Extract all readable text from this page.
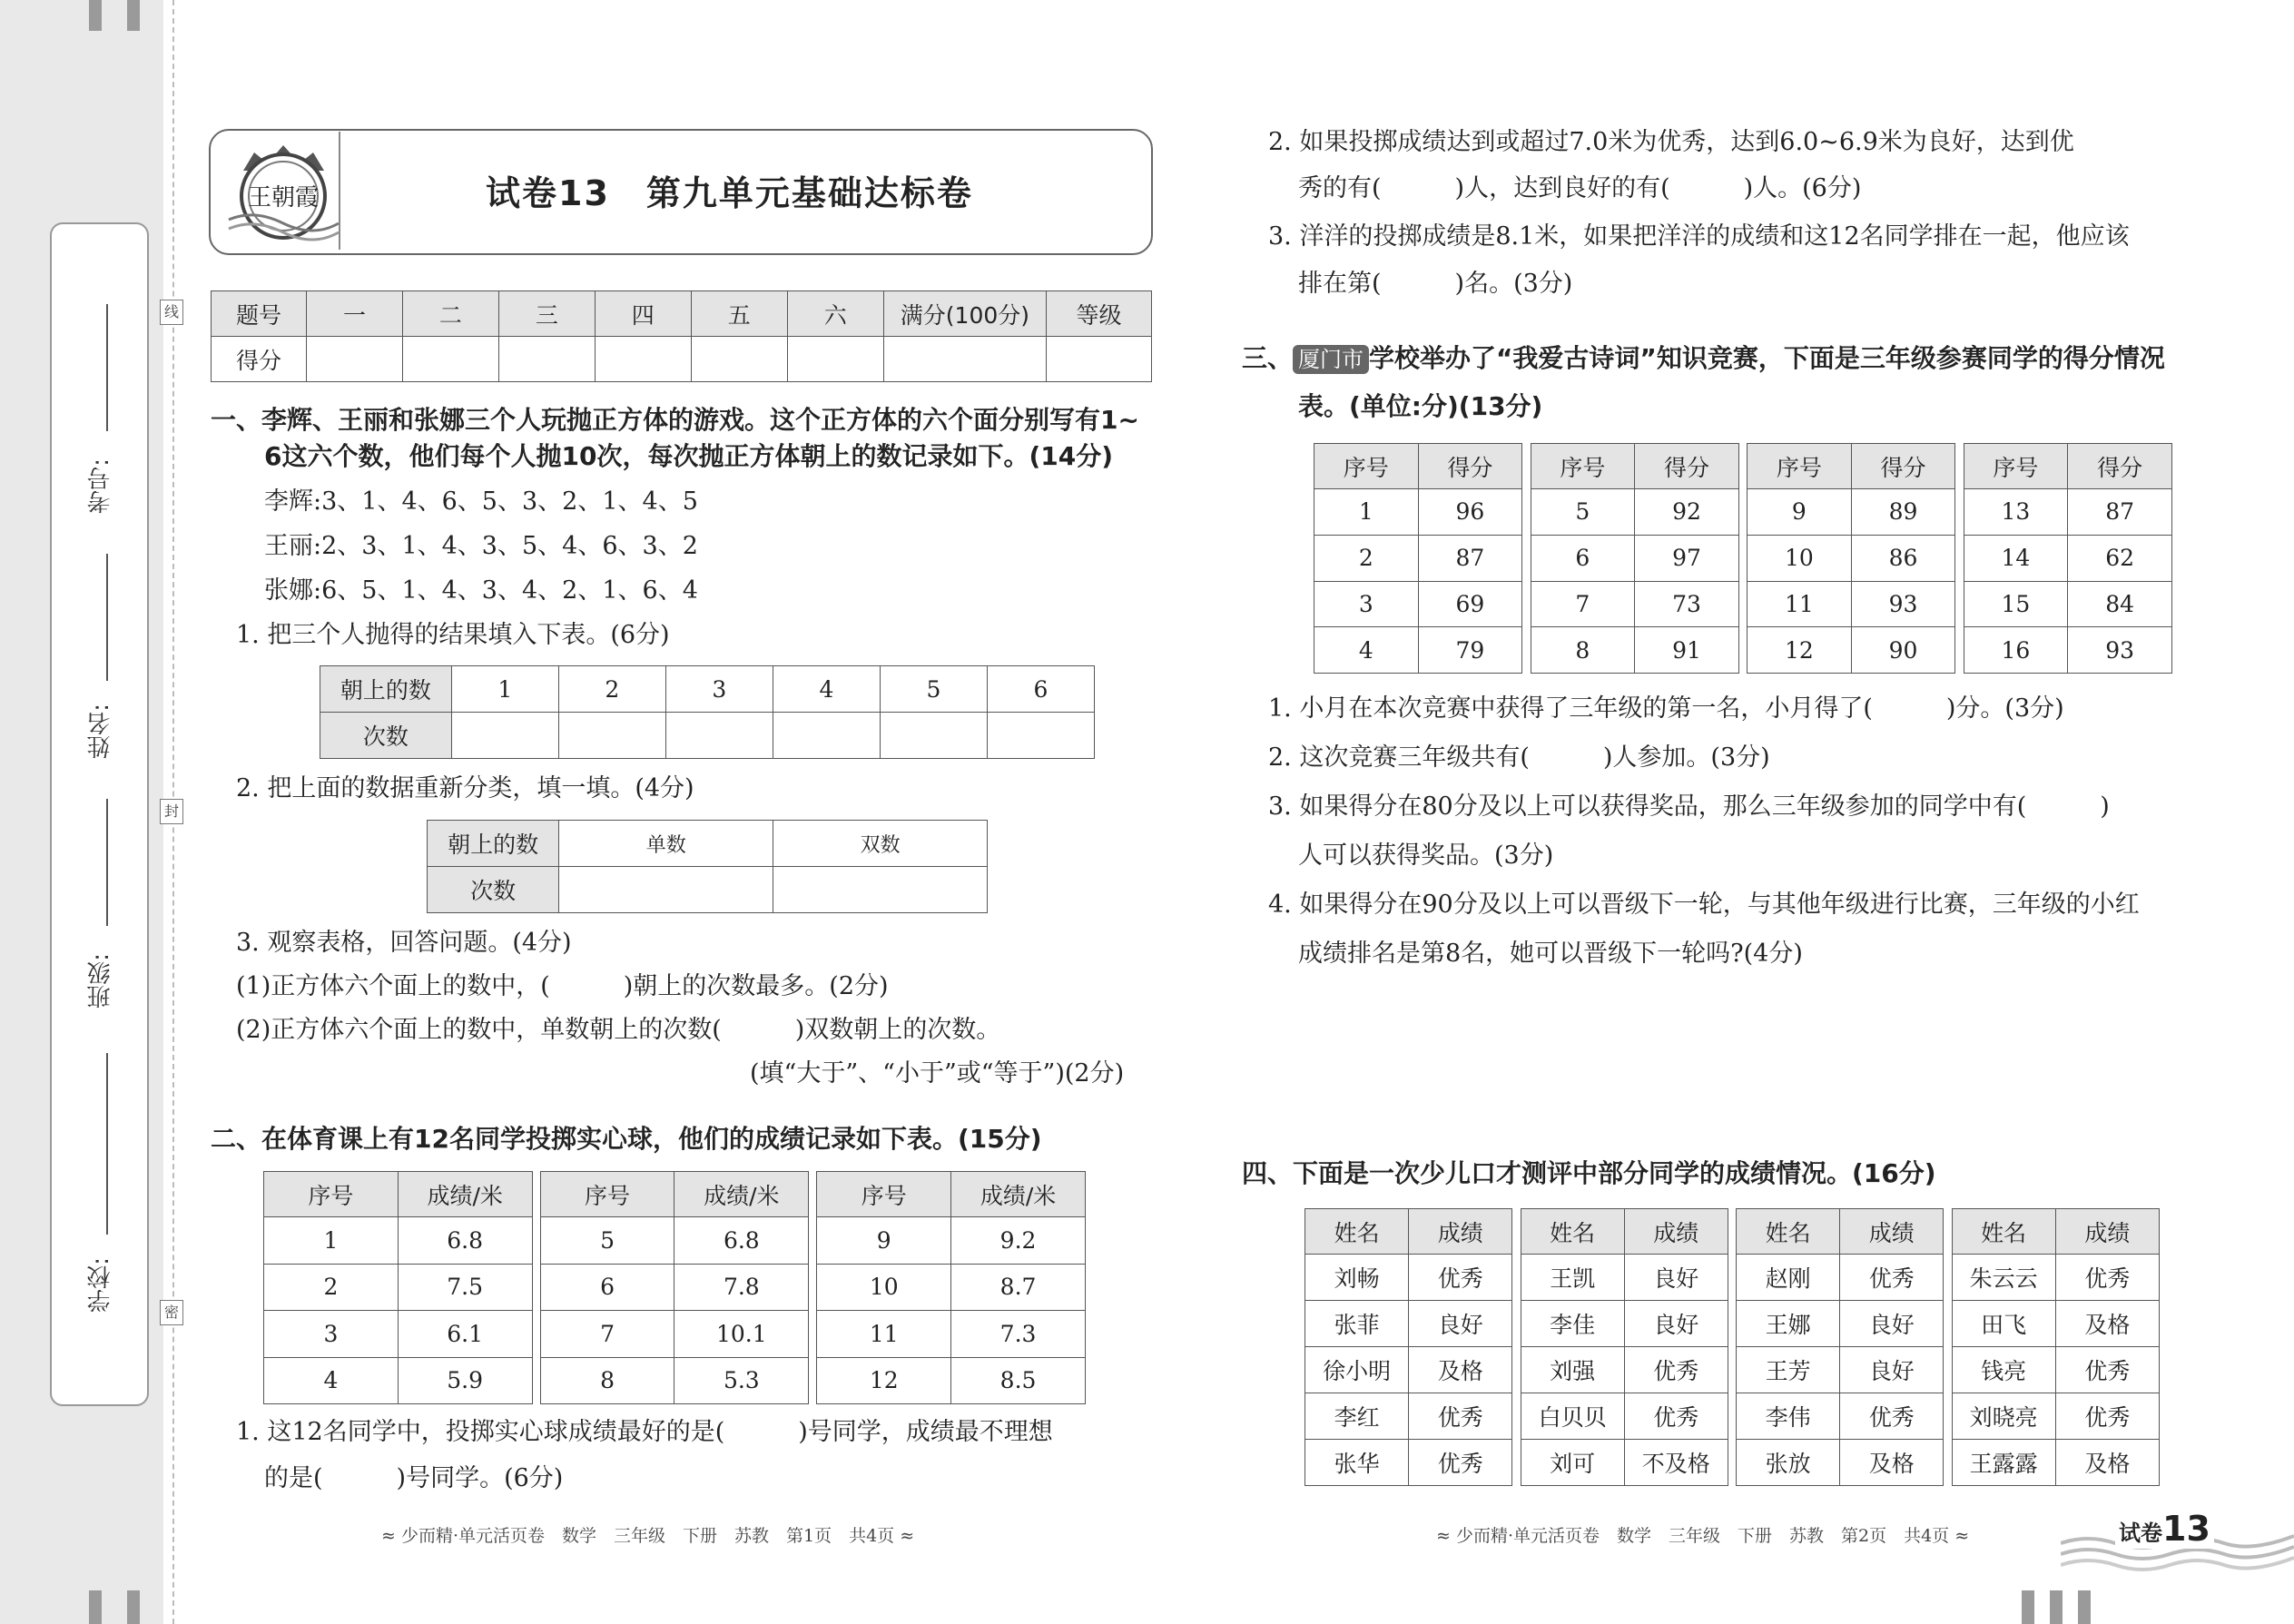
考号:
姓名:
班级:
学校:
线
封
密
王朝霞	试卷13　第九单元基础达标卷
题号	一	二	三	四	五	六	满分(100分)	等级
得分								
一、李辉、王丽和张娜三个人玩抛正方体的游戏。这个正方体的六个面分别写有1~
6这六个数，他们每个人抛10次，每次抛正方体朝上的数记录如下。(14分)
李辉:3、1、4、6、5、3、2、1、4、5
王丽:2、3、1、4、3、5、4、6、3、2
张娜:6、5、1、4、3、4、2、1、6、4
1. 把三个人抛得的结果填入下表。(6分)
朝上的数	1	2	3	4	5	6
次数						
2. 把上面的数据重新分类，填一填。(4分)
朝上的数	单数	双数
次数		
3. 观察表格，回答问题。(4分)
(1)正方体六个面上的数中，(　　　)朝上的次数最多。(2分)
(2)正方体六个面上的数中，单数朝上的次数(　　　)双数朝上的次数。
(填“大于”、“小于”或“等于”)(2分)
二、在体育课上有12名同学投掷实心球，他们的成绩记录如下表。(15分)
序号	成绩/米		序号	成绩/米		序号	成绩/米
1	6.8		5	6.8		9	9.2
2	7.5		6	7.8		10	8.7
3	6.1		7	10.1		11	7.3
4	5.9		8	5.3		12	8.5
1. 这12名同学中，投掷实心球成绩最好的是(　　　)号同学，成绩最不理想
的是(　　　)号同学。(6分)
≈ 少而精·单元活页卷　数学　三年级　下册　苏教　第1页　共4页 ≈
2. 如果投掷成绩达到或超过7.0米为优秀，达到6.0~6.9米为良好，达到优
秀的有(　　　)人，达到良好的有(　　　)人。(6分)
3. 洋洋的投掷成绩是8.1米，如果把洋洋的成绩和这12名同学排在一起，他应该
排在第(　　　)名。(3分)
三、 厦门市 学校举办了“我爱古诗词”知识竞赛，下面是三年级参赛同学的得分情况
表。(单位:分)(13分)
序号	得分		序号	得分		序号	得分		序号	得分
1	96		5	92		9	89		13	87
2	87		6	97		10	86		14	62
3	69		7	73		11	93		15	84
4	79		8	91		12	90		16	93
1. 小月在本次竞赛中获得了三年级的第一名，小月得了(　　　)分。(3分)
2. 这次竞赛三年级共有(　　　)人参加。(3分)
3. 如果得分在80分及以上可以获得奖品，那么三年级参加的同学中有(　　　)
人可以获得奖品。(3分)
4. 如果得分在90分及以上可以晋级下一轮，与其他年级进行比赛，三年级的小红
成绩排名是第8名，她可以晋级下一轮吗?(4分)
四、下面是一次少儿口才测评中部分同学的成绩情况。(16分)
姓名	成绩		姓名	成绩		姓名	成绩		姓名	成绩
刘畅	优秀		王凯	良好		赵刚	优秀		朱云云	优秀
张菲	良好		李佳	良好		王娜	良好		田飞	及格
徐小明	及格		刘强	优秀		王芳	良好		钱亮	优秀
李红	优秀		白贝贝	优秀		李伟	优秀		刘晓亮	优秀
张华	优秀		刘可	不及格		张放	及格		王露露	及格
≈ 少而精·单元活页卷　数学　三年级　下册　苏教　第2页　共4页 ≈	试卷13
